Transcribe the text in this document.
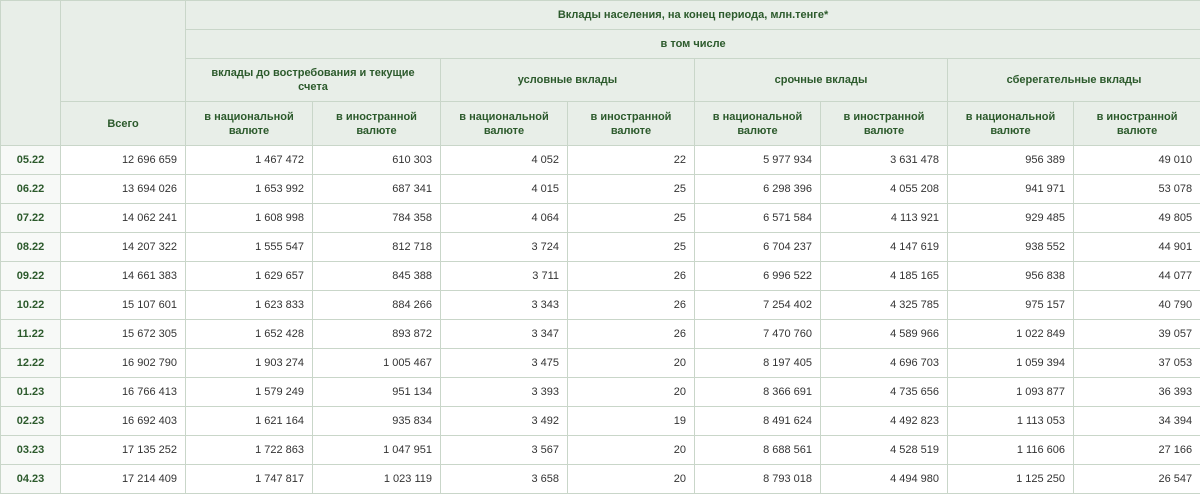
		Вклады населения, на конец периода, млн.тенге*							

		в том числе							

		вклады до востребования и текущие счета		условные вклады		срочные вклады		сберегательные вклады	

	Всего	в национальной валюте	в иностранной валюте	в национальной валюте	в иностранной валюте	в национальной валюте	в иностранной валюте	в национальной валюте	в иностранной валюте

05.22	12 696 659	1 467 472	610 303	4 052	22	5 977 934	3 631 478	956 389	49 010
06.22	13 694 026	1 653 992	687 341	4 015	25	6 298 396	4 055 208	941 971	53 078
07.22	14 062 241	1 608 998	784 358	4 064	25	6 571 584	4 113 921	929 485	49 805
08.22	14 207 322	1 555 547	812 718	3 724	25	6 704 237	4 147 619	938 552	44 901
09.22	14 661 383	1 629 657	845 388	3 711	26	6 996 522	4 185 165	956 838	44 077
10.22	15 107 601	1 623 833	884 266	3 343	26	7 254 402	4 325 785	975 157	40 790
11.22	15 672 305	1 652 428	893 872	3 347	26	7 470 760	4 589 966	1 022 849	39 057
12.22	16 902 790	1 903 274	1 005 467	3 475	20	8 197 405	4 696 703	1 059 394	37 053
01.23	16 766 413	1 579 249	951 134	3 393	20	8 366 691	4 735 656	1 093 877	36 393
02.23	16 692 403	1 621 164	935 834	3 492	19	8 491 624	4 492 823	1 113 053	34 394
03.23	17 135 252	1 722 863	1 047 951	3 567	20	8 688 561	4 528 519	1 116 606	27 166
04.23	17 214 409	1 747 817	1 023 119	3 658	20	8 793 018	4 494 980	1 125 250	26 547
